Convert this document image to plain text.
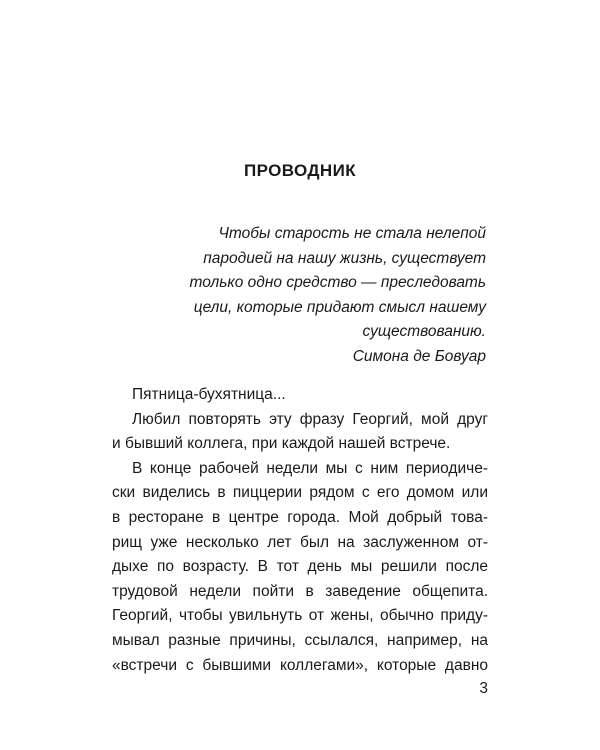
ПРОВОДНИК
Чтобы старость не стала нелепой
пародией на нашу жизнь, существует
только одно средство — преследовать
цели, которые придают смысл нашему
существованию.
Симона де Бовуар

Пятница-бухятница...

Любил повторять эту фразу Георгий, мой друг
и бывший коллега, при каждой нашей встрече.

В конце рабочей недели мы с ним периодиче-
ски виделись в пиццерии рядом с его домом или
в ресторане в центре города. Мой добрый това-
рищ уже несколько лет был на заслуженном от-
дыхе по возрасту. В тот день мы решили после
трудовой недели пойти в заведение общепита.
Георгий, чтобы увильнуть от жены, обычно приду-
мывал разные причины, ссылался, например, на
«встречи с бывшими коллегами», которые давно

3
